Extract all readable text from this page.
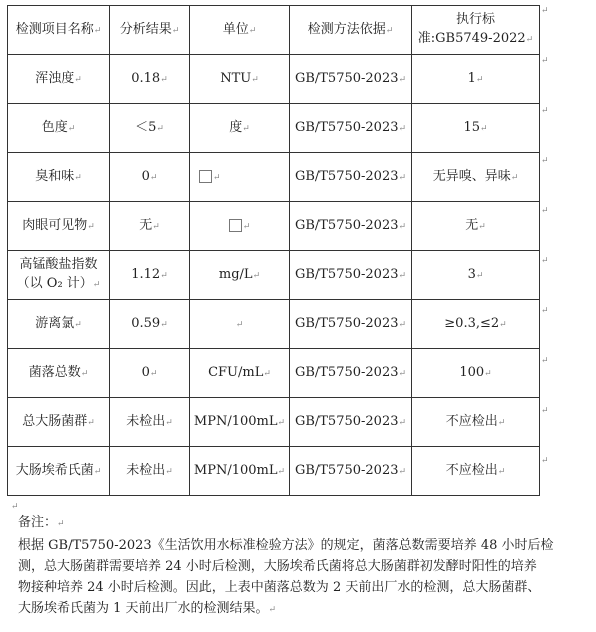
检测项目名称↵	分析结果↵	单位↵	检测方法依据↵	执行标
准:GB5749-2022↵
浑浊度↵	0.18↵	NTU↵	GB/T5750-2023↵	1↵
色度↵	＜5↵	度↵	GB/T5750-2023↵	15↵
臭和味↵	0↵	↵	GB/T5750-2023↵	无异嗅、异味↵
肉眼可见物↵	无↵	↵	GB/T5750-2023↵	无↵
高锰酸盐指数
（以 O₂ 计）↵	1.12↵	mg/L↵	GB/T5750-2023↵	3↵
游离氯↵	0.59↵	↵	GB/T5750-2023↵	≥0.3,≤2↵
菌落总数↵	0↵	CFU/mL↵	GB/T5750-2023↵	100↵
总大肠菌群↵	未检出↵	MPN/100mL↵	GB/T5750-2023↵	不应检出↵
大肠埃希氏菌↵	未检出↵	MPN/100mL↵	GB/T5750-2023↵	不应检出↵
↵
↵
↵
↵
↵
↵
↵
↵
↵
↵
↵

备注：↵

根据 GB/T5750-2023《生活饮用水标准检验方法》的规定，菌落总数需要培养 48 小时后检

测，总大肠菌群需要培养 24 小时后检测，大肠埃希氏菌将总大肠菌群初发酵时阳性的培养

物接种培养 24 小时后检测。因此，上表中菌落总数为 2 天前出厂水的检测，总大肠菌群、

大肠埃希氏菌为 1 天前出厂水的检测结果。↵
